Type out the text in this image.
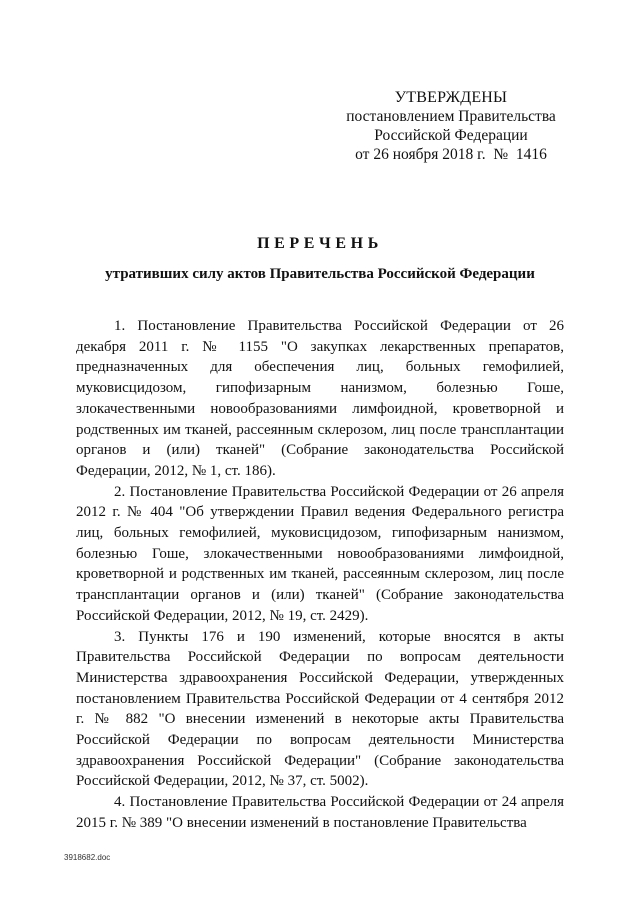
УТВЕРЖДЕНЫ
постановлением Правительства
Российской Федерации
от 26 ноября 2018 г.  №  1416
ПЕРЕЧЕНЬ
утративших силу актов Правительства Российской Федерации

1. Постановление Правительства Российской Федерации от 26 декабря 2011 г. № 1155 "О закупках лекарственных препаратов, предназначенных для обеспечения лиц, больных гемофилией, муковисцидозом, гипофизарным нанизмом, болезнью Гоше, злокачественными новообразованиями лимфоидной, кроветворной и родственных им тканей, рассеянным склерозом, лиц после трансплантации органов и (или) тканей" (Собрание законодательства Российской Федерации, 2012, № 1, ст. 186).

2. Постановление Правительства Российской Федерации от 26 апреля 2012 г. № 404 "Об утверждении Правил ведения Федерального регистра лиц, больных гемофилией, муковисцидозом, гипофизарным нанизмом, болезнью Гоше, злокачественными новообразованиями лимфоидной, кроветворной и родственных им тканей, рассеянным склерозом, лиц после трансплантации органов и (или) тканей" (Собрание законодательства Российской Федерации, 2012, № 19, ст. 2429).

3. Пункты 176 и 190 изменений, которые вносятся в акты Правительства Российской Федерации по вопросам деятельности Министерства здравоохранения Российской Федерации, утвержденных постановлением Правительства Российской Федерации от 4 сентября 2012 г. № 882 "О внесении изменений в некоторые акты Правительства Российской Федерации по вопросам деятельности Министерства здравоохранения Российской Федерации" (Собрание законодательства Российской Федерации, 2012, № 37, ст. 5002).

4. Постановление Правительства Российской Федерации от 24 апреля 2015 г. № 389 "О внесении изменений в постановление Правительства

3918682.doc
